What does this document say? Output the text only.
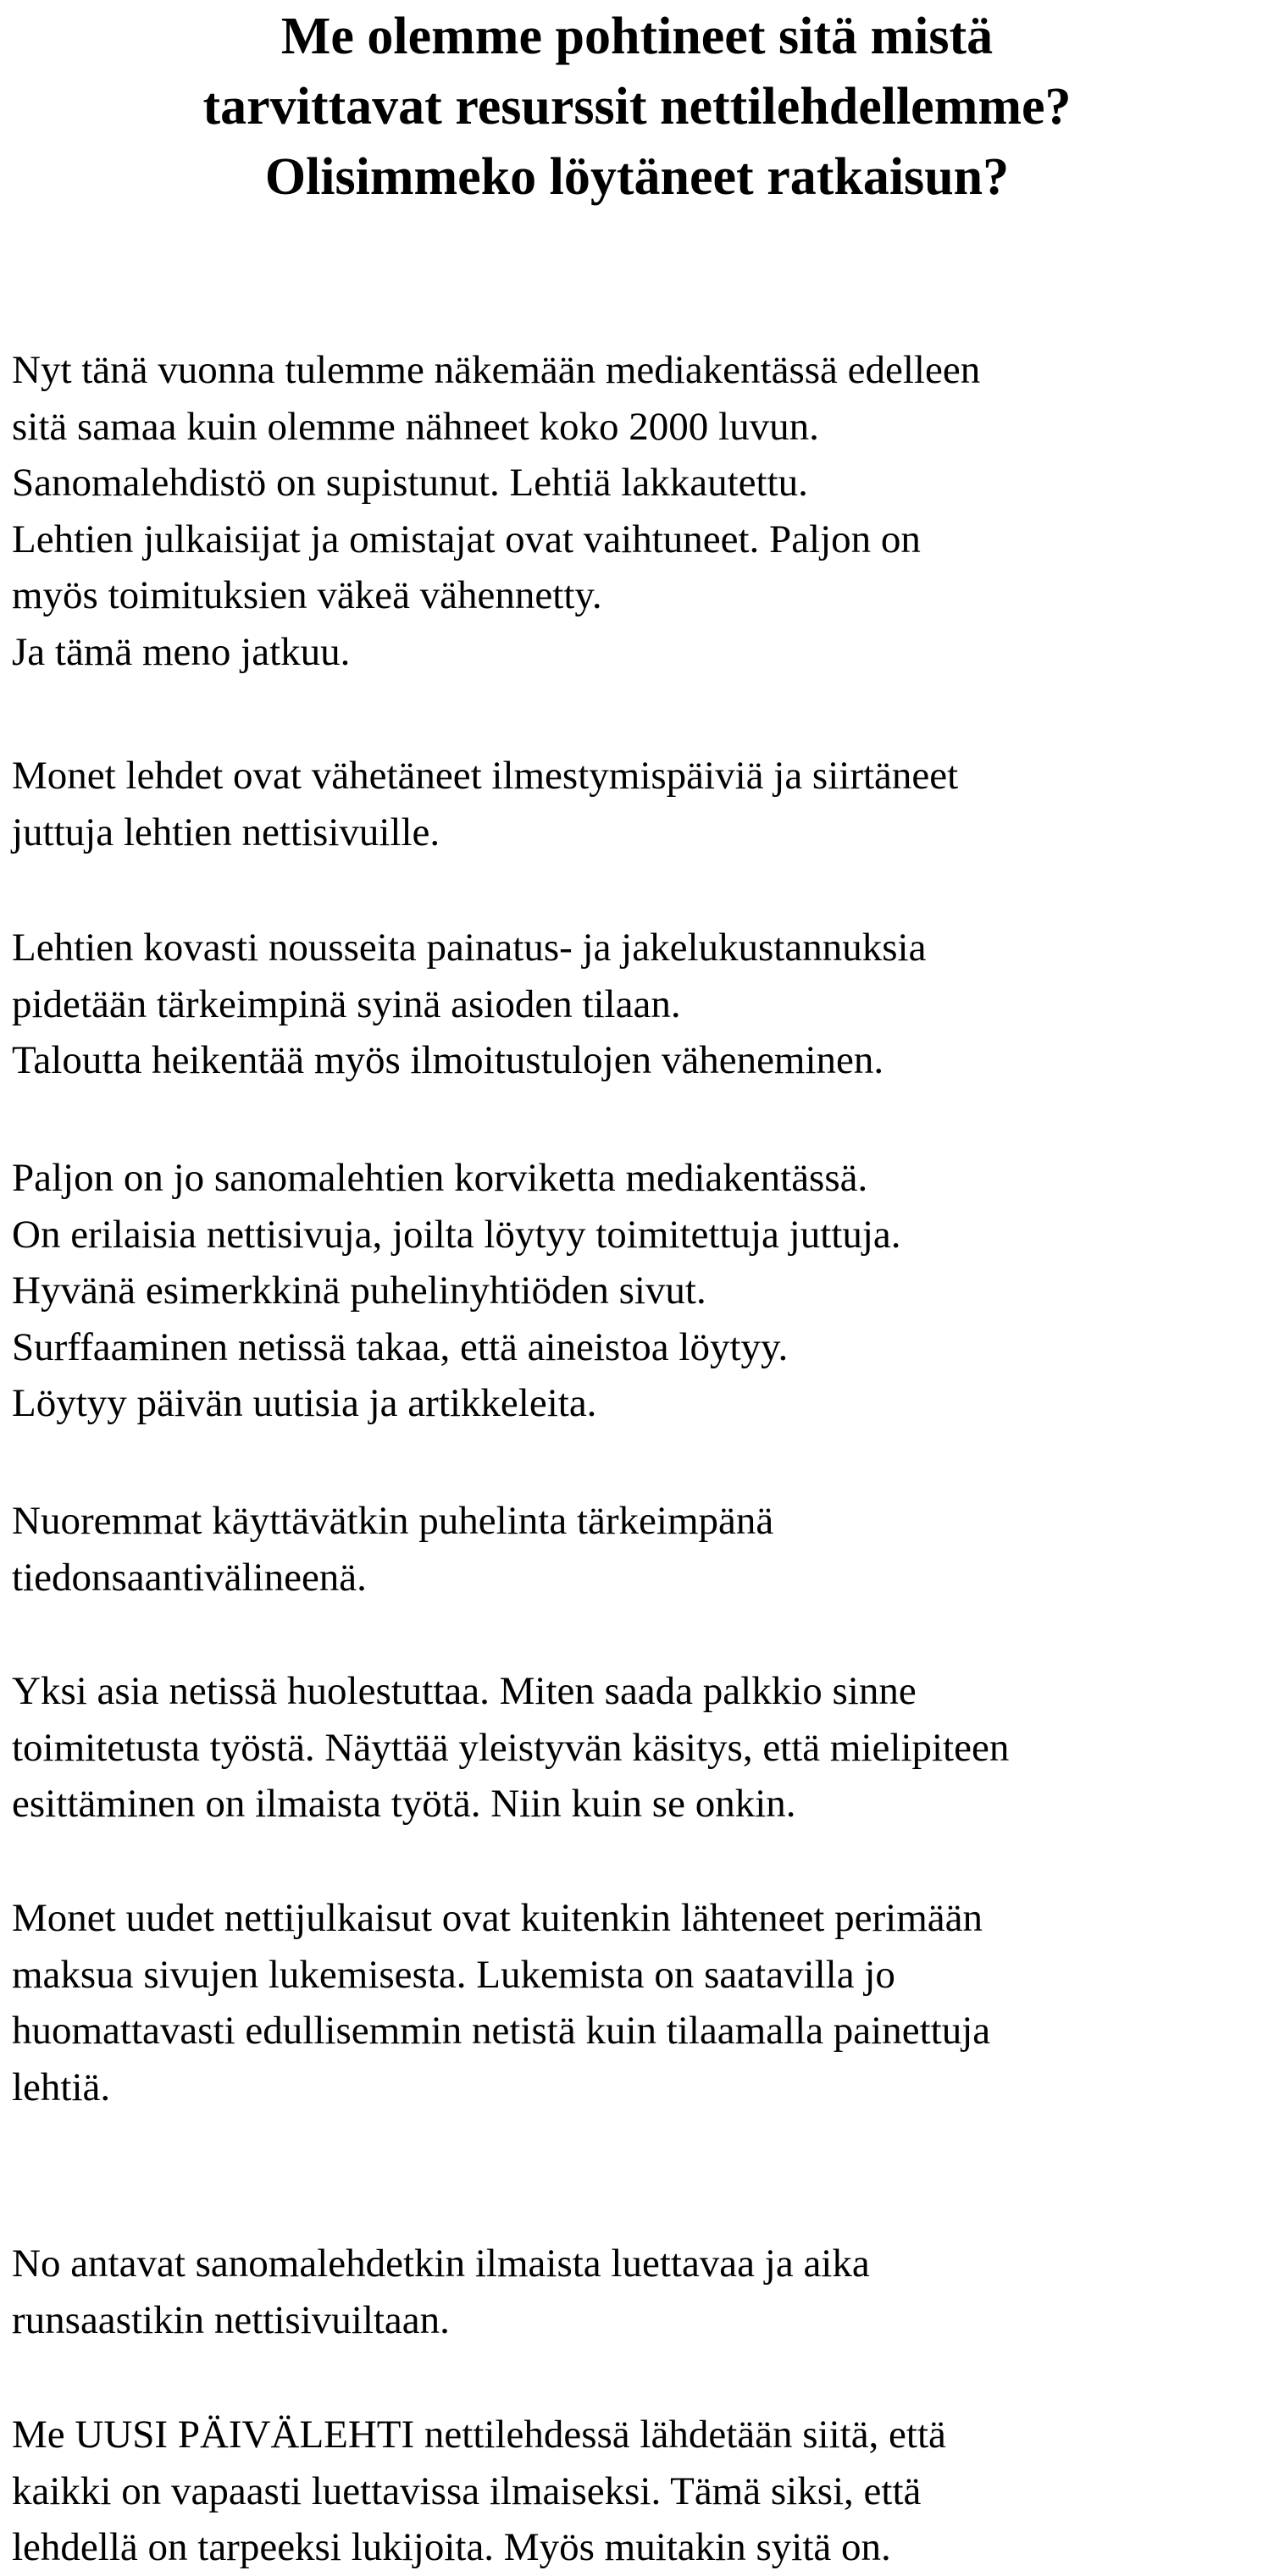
Me olemme pohtineet sitä mistä
tarvittavat resurssit nettilehdellemme?
Olisimmeko löytäneet ratkaisun?

Nyt tänä vuonna tulemme näkemään mediakentässä edelleen
sitä samaa kuin olemme nähneet koko 2000 luvun.
Sanomalehdistö on supistunut. Lehtiä lakkautettu.
Lehtien julkaisijat ja omistajat ovat vaihtuneet. Paljon on
myös toimituksien väkeä vähennetty.
Ja tämä meno jatkuu.

Monet lehdet ovat vähetäneet ilmestymispäiviä ja siirtäneet
juttuja lehtien nettisivuille.

Lehtien kovasti nousseita painatus- ja jakelukustannuksia
pidetään tärkeimpinä syinä asioden tilaan.
Taloutta heikentää myös ilmoitustulojen väheneminen.

Paljon on jo sanomalehtien korviketta mediakentässä.
On erilaisia nettisivuja, joilta löytyy toimitettuja juttuja.
Hyvänä esimerkkinä puhelinyhtiöden sivut.
Surffaaminen netissä takaa, että aineistoa löytyy.
Löytyy päivän uutisia ja artikkeleita.

Nuoremmat käyttävätkin puhelinta tärkeimpänä
tiedonsaantivälineenä.

Yksi asia netissä huolestuttaa. Miten saada palkkio sinne
toimitetusta työstä. Näyttää yleistyvän käsitys, että mielipiteen
esittäminen on ilmaista työtä. Niin kuin se onkin.

Monet uudet nettijulkaisut ovat kuitenkin lähteneet perimään
maksua sivujen lukemisesta. Lukemista on saatavilla jo
huomattavasti edullisemmin netistä kuin tilaamalla painettuja
lehtiä.

No antavat sanomalehdetkin ilmaista luettavaa ja aika
runsaastikin nettisivuiltaan.

Me UUSI PÄIVÄLEHTI nettilehdessä lähdetään siitä, että
kaikki on vapaasti luettavissa ilmaiseksi. Tämä siksi, että
lehdellä on tarpeeksi lukijoita. Myös muitakin syitä on.
